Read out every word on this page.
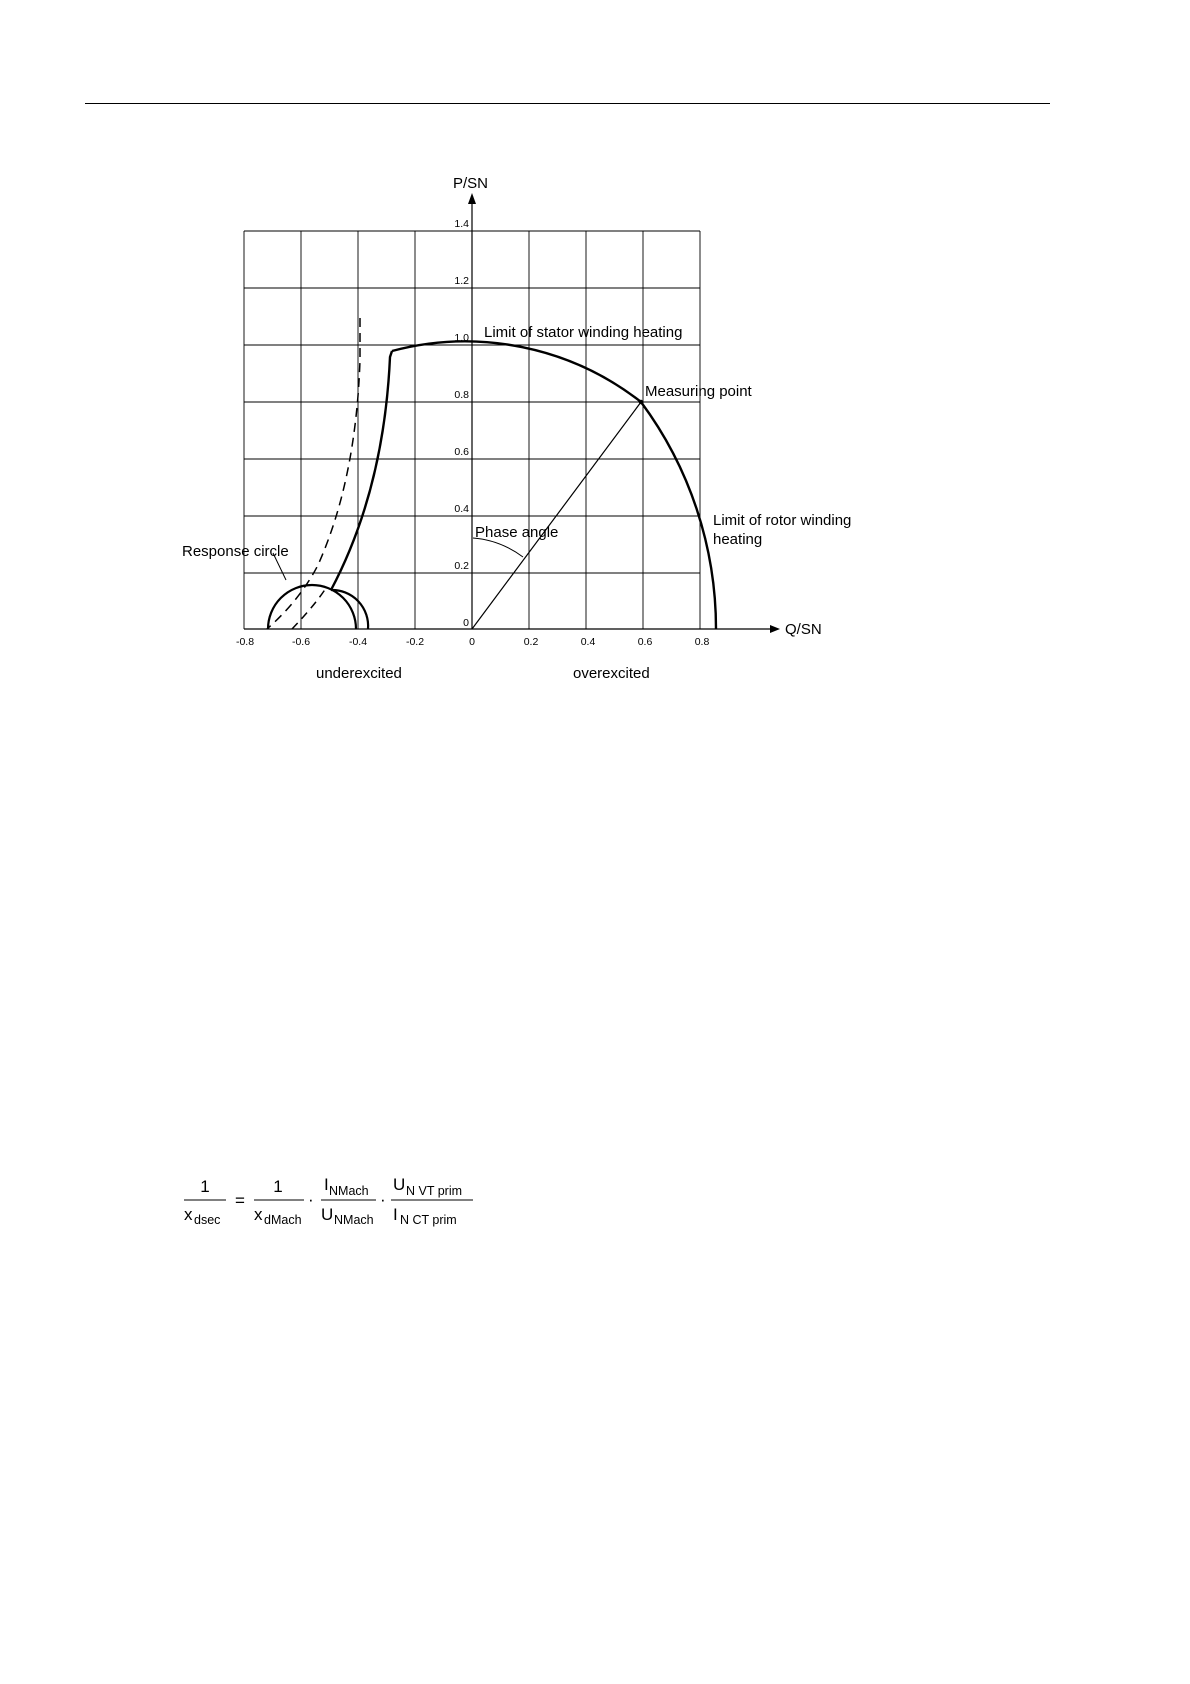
0
0.2
0.4
0.6
0.8
1.0
1.2
1.4
-0.8	-0.6	-0.4	-0.2	0	0.2	0.4	0.6	0.8
P/SN
Q/SN
Limit of stator winding heating
Measuring point
Limit of rotor winding
heating
Phase angle
Response circle
underexcited	overexcited
1
x dsec
=
1
x dMach
·
I NMach
U NMach
·
U N VT prim
I N CT prim
